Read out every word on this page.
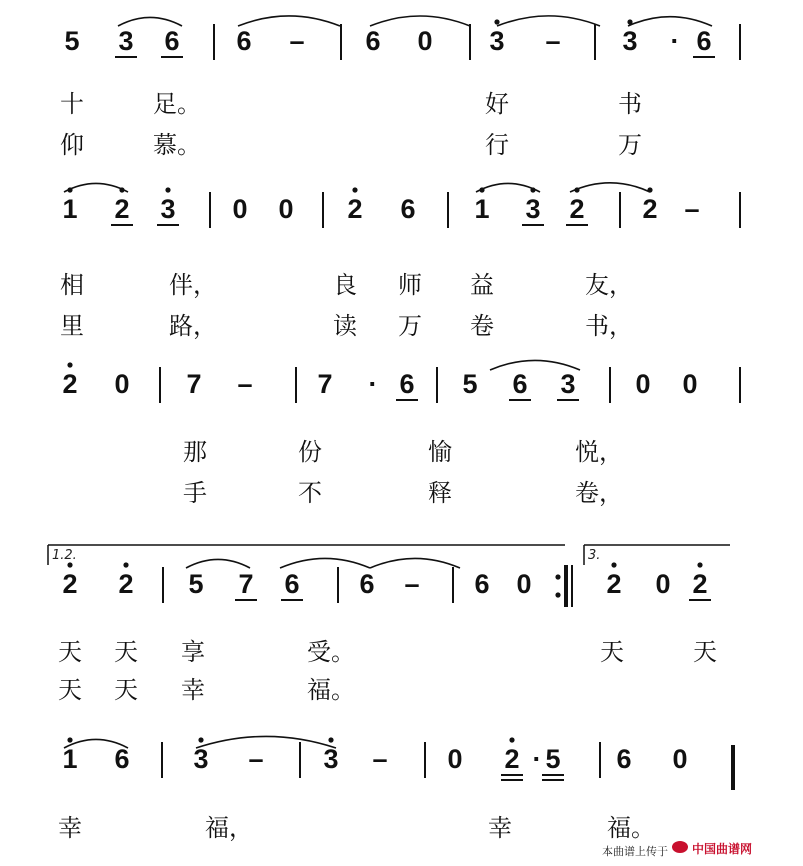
5 3 6 6 – 6 0 3 – 3 · 6
1 2 3 0 0 2 6 1 3 2 2 –
2 0 7 – 7 · 6 5 6 3 0 0
2 2 5 7 6 6 – 6 0	2 0 2
1 6 3 – 3 – 0 2 · 5 6 0
十	足。	好	书
仰	慕。	行	万
相	伴，	良 师 益	友，
里	路，	读 万 卷	书，
那	份	愉	悦，
手	不	释	卷，
天 天 享	受。	天	天
天 天 幸	福。
幸	福，	幸	福。
1.2.	3.
本曲谱上传于 中国曲谱网
